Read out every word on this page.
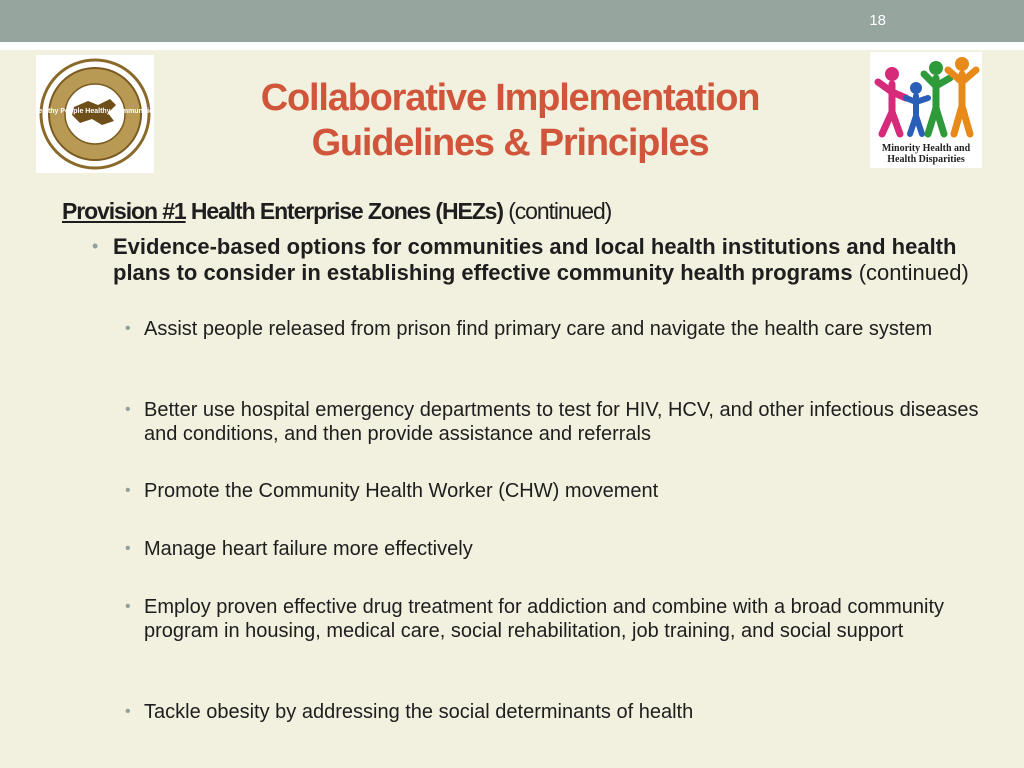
18
Healthy People Healthy Communities
Minority Health and
Health Disparities
Collaborative Implementation
Guidelines & Principles
Provision #1 Health Enterprise Zones (HEZs) (continued)
• Evidence-based options for communities and local health institutions and health plans to consider in establishing effective community health programs (continued)
• Assist people released from prison find primary care and navigate the health care system
• Better use hospital emergency departments to test for HIV, HCV, and other infectious diseases and conditions, and then provide assistance and referrals
• Promote the Community Health Worker (CHW) movement
• Manage heart failure more effectively
• Employ proven effective drug treatment for addiction and combine with a broad community program in housing, medical care, social rehabilitation, job training, and social support
• Tackle obesity by addressing the social determinants of health
